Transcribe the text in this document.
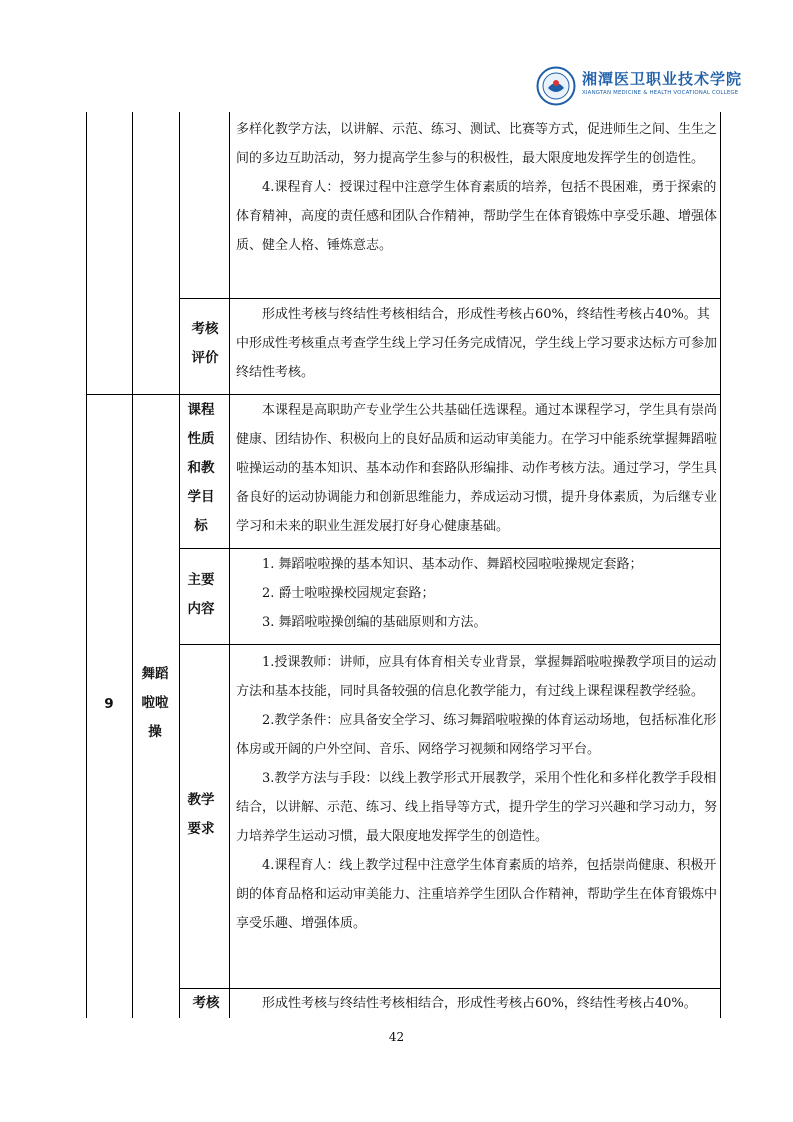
湘潭医卫职业技术学院
XIANGTAN MEDICINE & HEALTH VOCATIONAL COLLEGE

多样化教学方法，以讲解、示范、练习、测试、比赛等方式，促进师生之间、生生之间的多边互助活动，努力提高学生参与的积极性，最大限度地发挥学生的创造性。

4.课程育人：授课过程中注意学生体育素质的培养，包括不畏困难，勇于探索的体育精神，高度的责任感和团队合作精神，帮助学生在体育锻炼中享受乐趣、增强体质、健全人格、锤炼意志。

考核评价

形成性考核与终结性考核相结合，形成性考核占60%，终结性考核占40%。其中形成性考核重点考查学生线上学习任务完成情况，学生线上学习要求达标方可参加终结性考核。

9
舞蹈啦啦操
课程性质和教学目标

本课程是高职助产专业学生公共基础任选课程。通过本课程学习，学生具有崇尚健康、团结协作、积极向上的良好品质和运动审美能力。在学习中能系统掌握舞蹈啦啦操运动的基本知识、基本动作和套路队形编排、动作考核方法。通过学习，学生具备良好的运动协调能力和创新思维能力，养成运动习惯，提升身体素质，为后继专业学习和未来的职业生涯发展打好身心健康基础。

主要内容

1. 舞蹈啦啦操的基本知识、基本动作、舞蹈校园啦啦操规定套路；

2. 爵士啦啦操校园规定套路；

3. 舞蹈啦啦操创编的基础原则和方法。

教学要求

1.授课教师：讲师，应具有体育相关专业背景，掌握舞蹈啦啦操教学项目的运动方法和基本技能，同时具备较强的信息化教学能力，有过线上课程课程教学经验。

2.教学条件：应具备安全学习、练习舞蹈啦啦操的体育运动场地，包括标准化形体房或开阔的户外空间、音乐、网络学习视频和网络学习平台。

3.教学方法与手段：以线上教学形式开展教学，采用个性化和多样化教学手段相结合，以讲解、示范、练习、线上指导等方式，提升学生的学习兴趣和学习动力，努力培养学生运动习惯，最大限度地发挥学生的创造性。

4.课程育人：线上教学过程中注意学生体育素质的培养，包括崇尚健康、积极开朗的体育品格和运动审美能力、注重培养学生团队合作精神，帮助学生在体育锻炼中享受乐趣、增强体质。

考核	形成性考核与终结性考核相结合，形成性考核占60%，终结性考核占40%。

42
